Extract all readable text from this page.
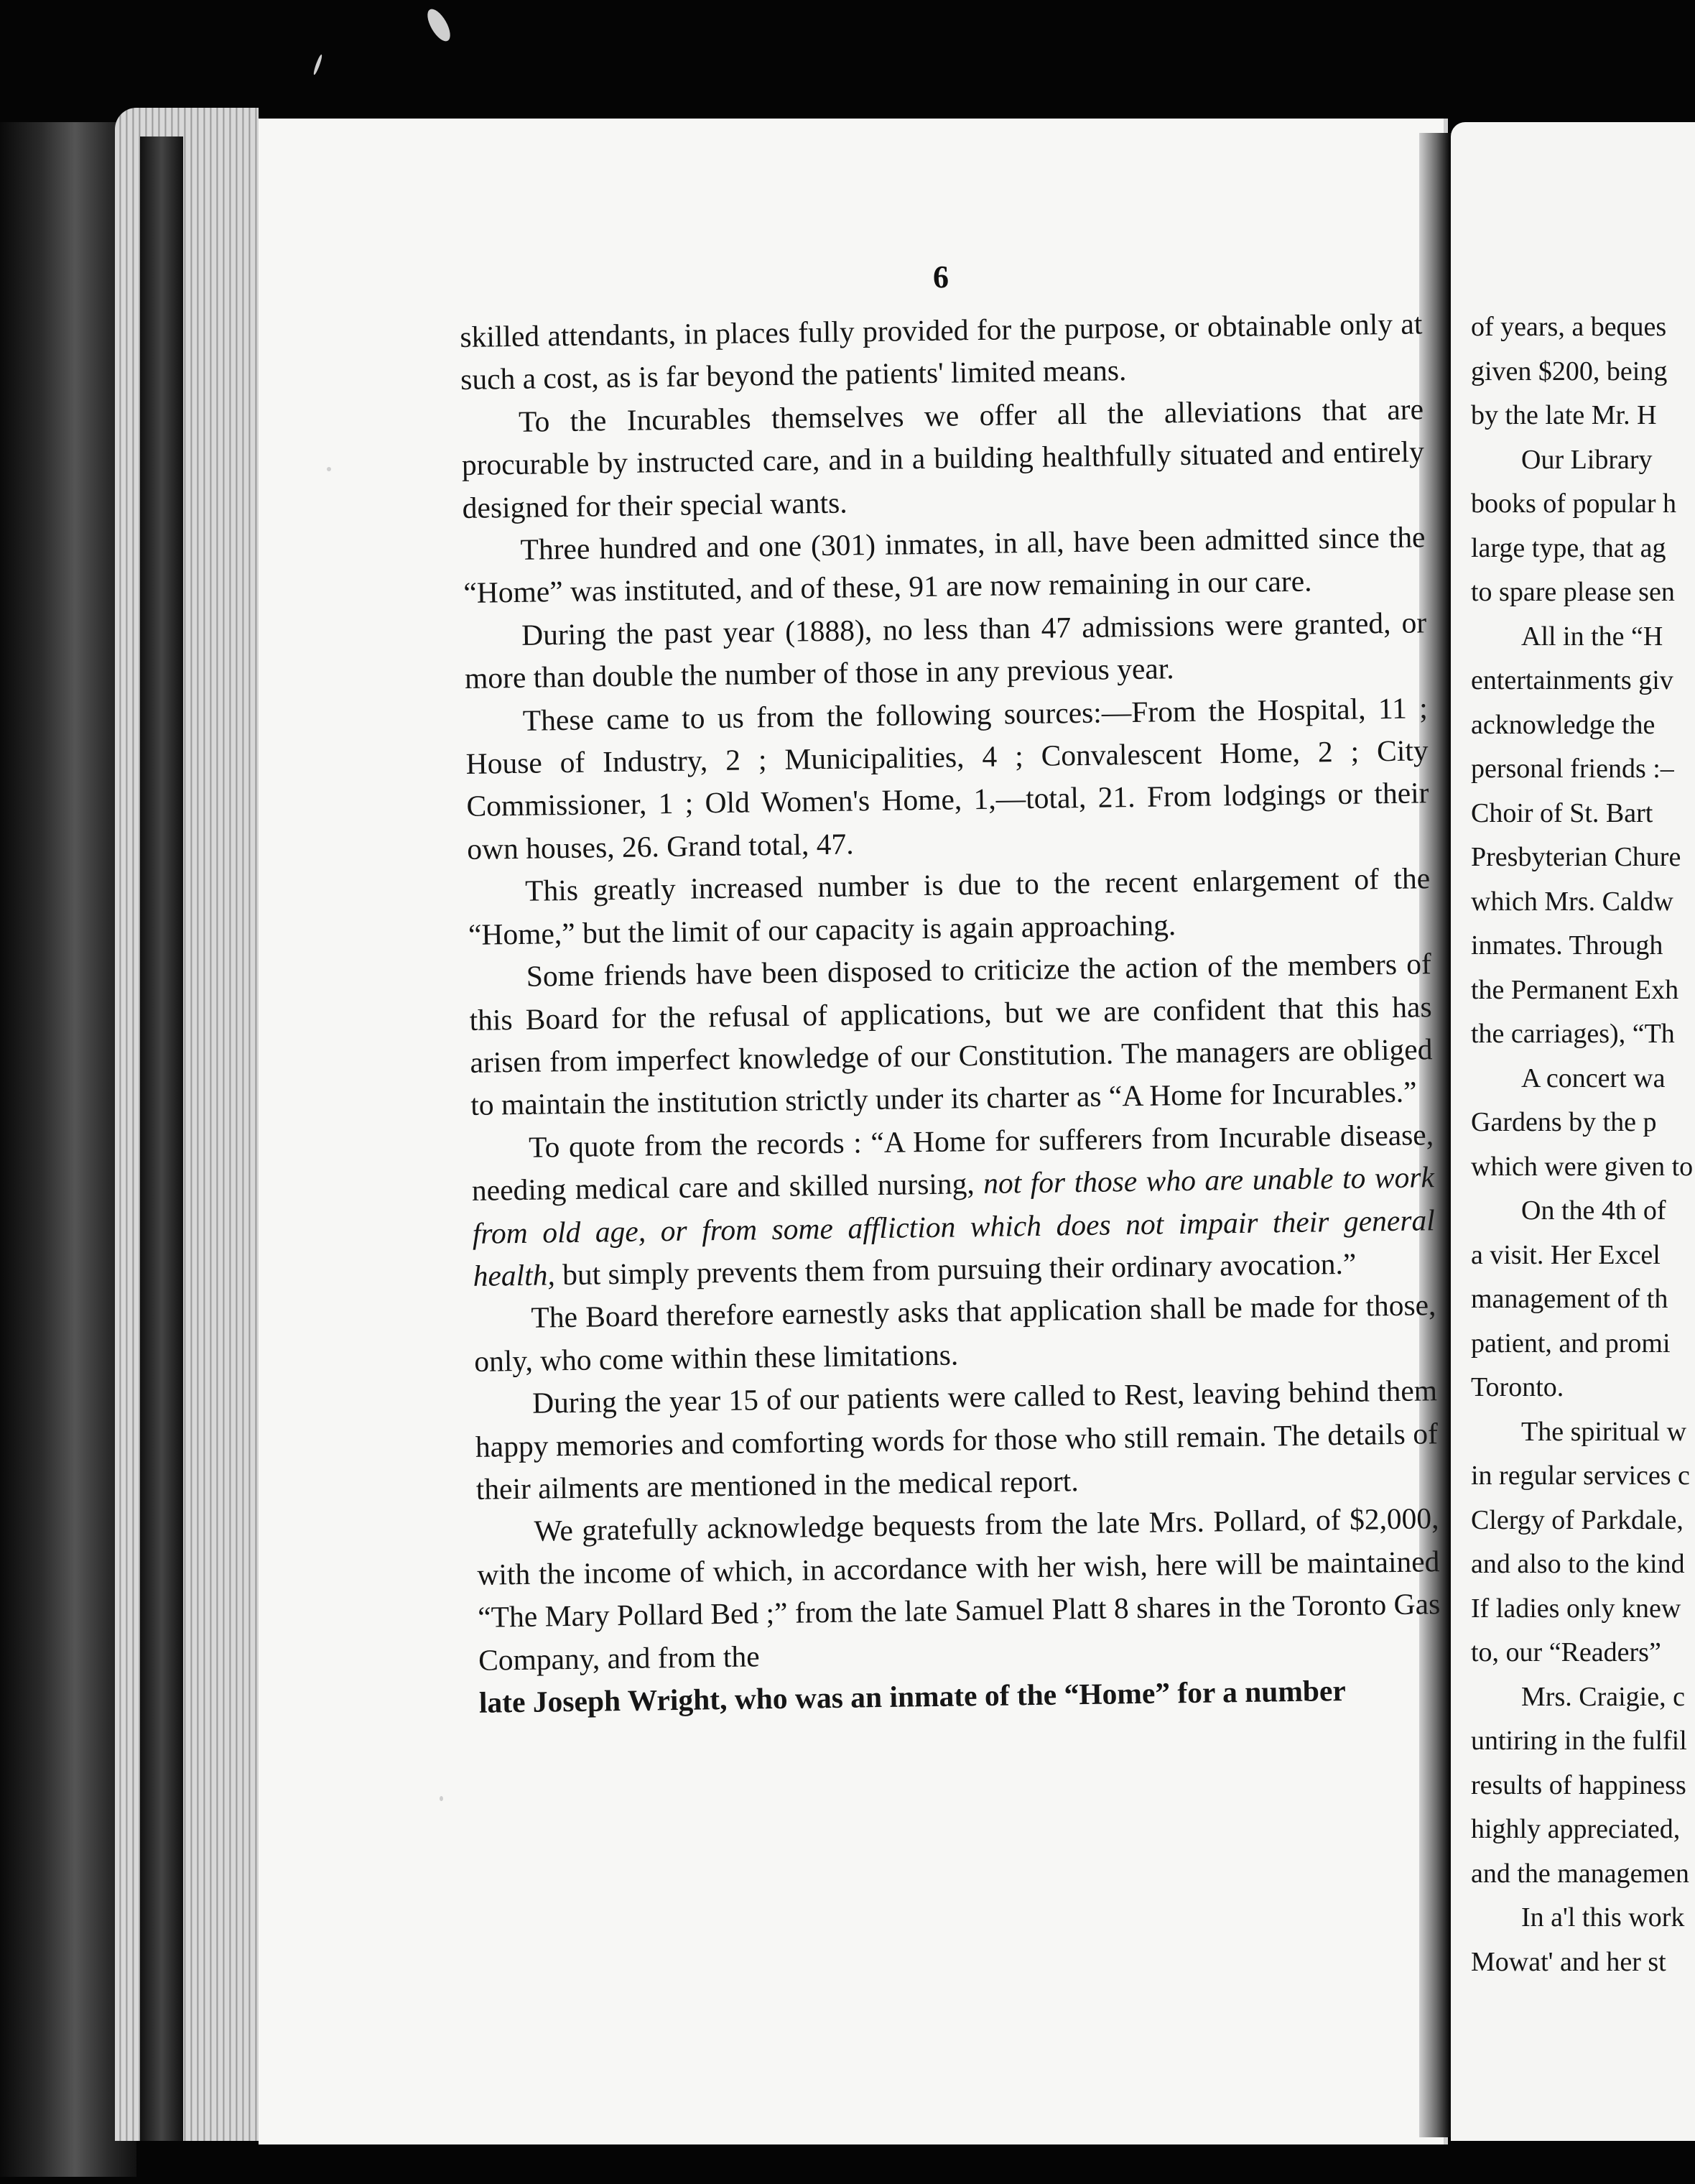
6

skilled attendants, in places fully provided for the purpose, or obtainable only at such a cost, as is far beyond the patients' limited means.

To the Incurables themselves we offer all the alleviations that are procurable by instructed care, and in a building healthfully situated and entirely designed for their special wants.

Three hundred and one (301) inmates, in all, have been admitted since the “Home” was instituted, and of these, 91 are now remaining in our care.

During the past year (1888), no less than 47 admissions were granted, or more than double the number of those in any previous year.

These came to us from the following sources:—From the Hospital, 11 ; House of Industry, 2 ; Municipalities, 4 ; Convalescent Home, 2 ; City Commissioner, 1 ; Old Women's Home, 1,—total, 21. From lodgings or their own houses, 26. Grand total, 47.

This greatly increased number is due to the recent enlargement of the “Home,” but the limit of our capacity is again approaching.

Some friends have been disposed to criticize the action of the members of this Board for the refusal of applications, but we are confident that this has arisen from imperfect knowledge of our Constitution. The managers are obliged to maintain the institution strictly under its charter as “A Home for Incurables.”

To quote from the records : “A Home for sufferers from Incurable disease, needing medical care and skilled nursing, not for those who are unable to work from old age, or from some affliction which does not impair their general health, but simply prevents them from pursuing their ordinary avocation.”

The Board therefore earnestly asks that application shall be made for those, only, who come within these limitations.

During the year 15 of our patients were called to Rest, leaving behind them happy memories and comforting words for those who still remain. The details of their ailments are mentioned in the medical report.

We gratefully acknowledge bequests from the late Mrs. Pollard, of $2,000, with the income of which, in accordance with her wish, here will be maintained “The Mary Pollard Bed ;” from the late Samuel Platt 8 shares in the Toronto Gas Company, and from the

late Joseph Wright, who was an inmate of the “Home” for a number

of years, a beques
given $200, being
by the late Mr. H
Our Library
books of popular h
large type, that ag
to spare please sen
All in the “H
entertainments giv
acknowledge the
personal friends :–
Choir of St. Bart
Presbyterian Chure
which Mrs. Caldw
inmates. Through
the Permanent Exh
the carriages), “Th
A concert wa
Gardens by the p
which were given to
On the 4th of
a visit. Her Excel
management of th
patient, and promi
Toronto.
The spiritual w
in regular services c
Clergy of Parkdale,
and also to the kind
If ladies only knew
to, our “Readers”
Mrs. Craigie, c
untiring in the fulfil
results of happiness
highly appreciated,
and the managemen
In a'l this work
Mowat' and her st
